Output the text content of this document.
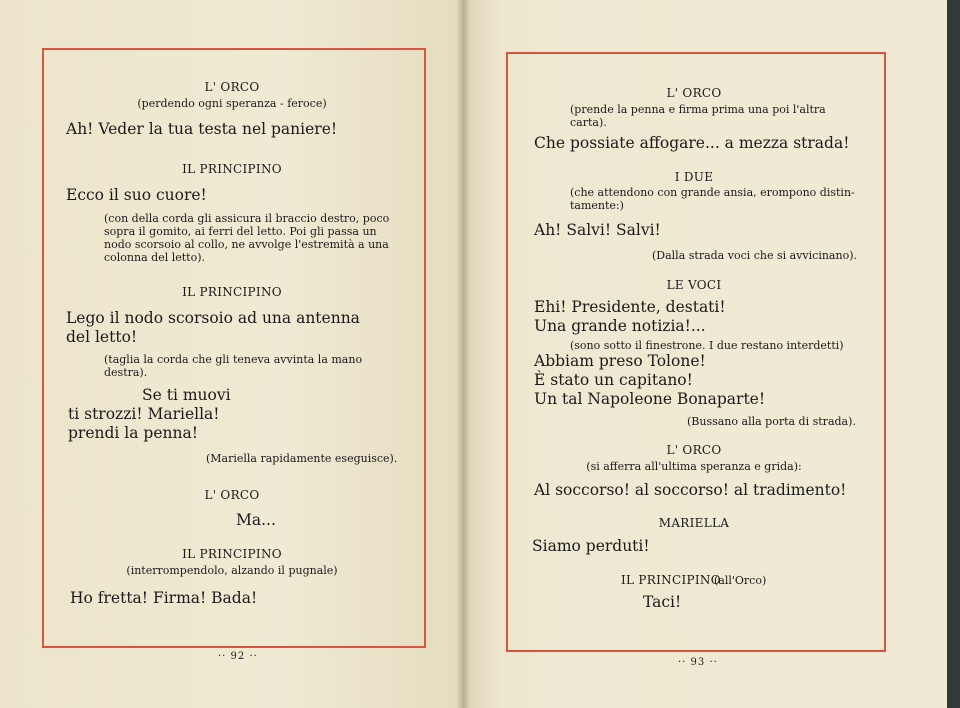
L' ORCO
(perdendo ogni speranza - feroce)
Ah! Veder la tua testa nel paniere!
IL PRINCIPINO
Ecco il suo cuore!
(con della corda gli assicura il braccio destro, poco
sopra il gomito, ai ferri del letto. Poi gli passa un
nodo scorsoio al collo, ne avvolge l'estremità a una
colonna del letto).
IL PRINCIPINO
Lego il nodo scorsoio ad una antenna
del letto!
(taglia la corda che gli teneva avvinta la mano
destra).
Se ti muovi
ti strozzi! Mariella!
prendi la penna!
(Mariella rapidamente eseguisce).
L' ORCO
Ma...
IL PRINCIPINO
(interrompendolo, alzando il pugnale)
Ho fretta! Firma! Bada!
·· 92 ··
L' ORCO
(prende la penna e firma prima una poi l'altra
carta).
Che possiate affogare... a mezza strada!
I DUE
(che attendono con grande ansia, erompono distin-
tamente:)
Ah! Salvi! Salvi!
(Dalla strada voci che si avvicinano).
LE VOCI
Ehi! Presidente, destati!
Una grande notizia!...
(sono sotto il finestrone. I due restano interdetti)
Abbiam preso Tolone!
È stato un capitano!
Un tal Napoleone Bonaparte!
(Bussano alla porta di strada).
L' ORCO
(si afferra all'ultima speranza e grida):
Al soccorso! al soccorso! al tradimento!
MARIELLA
Siamo perduti!
IL PRINCIPINO
(all'Orco)
Taci!
·· 93 ··
